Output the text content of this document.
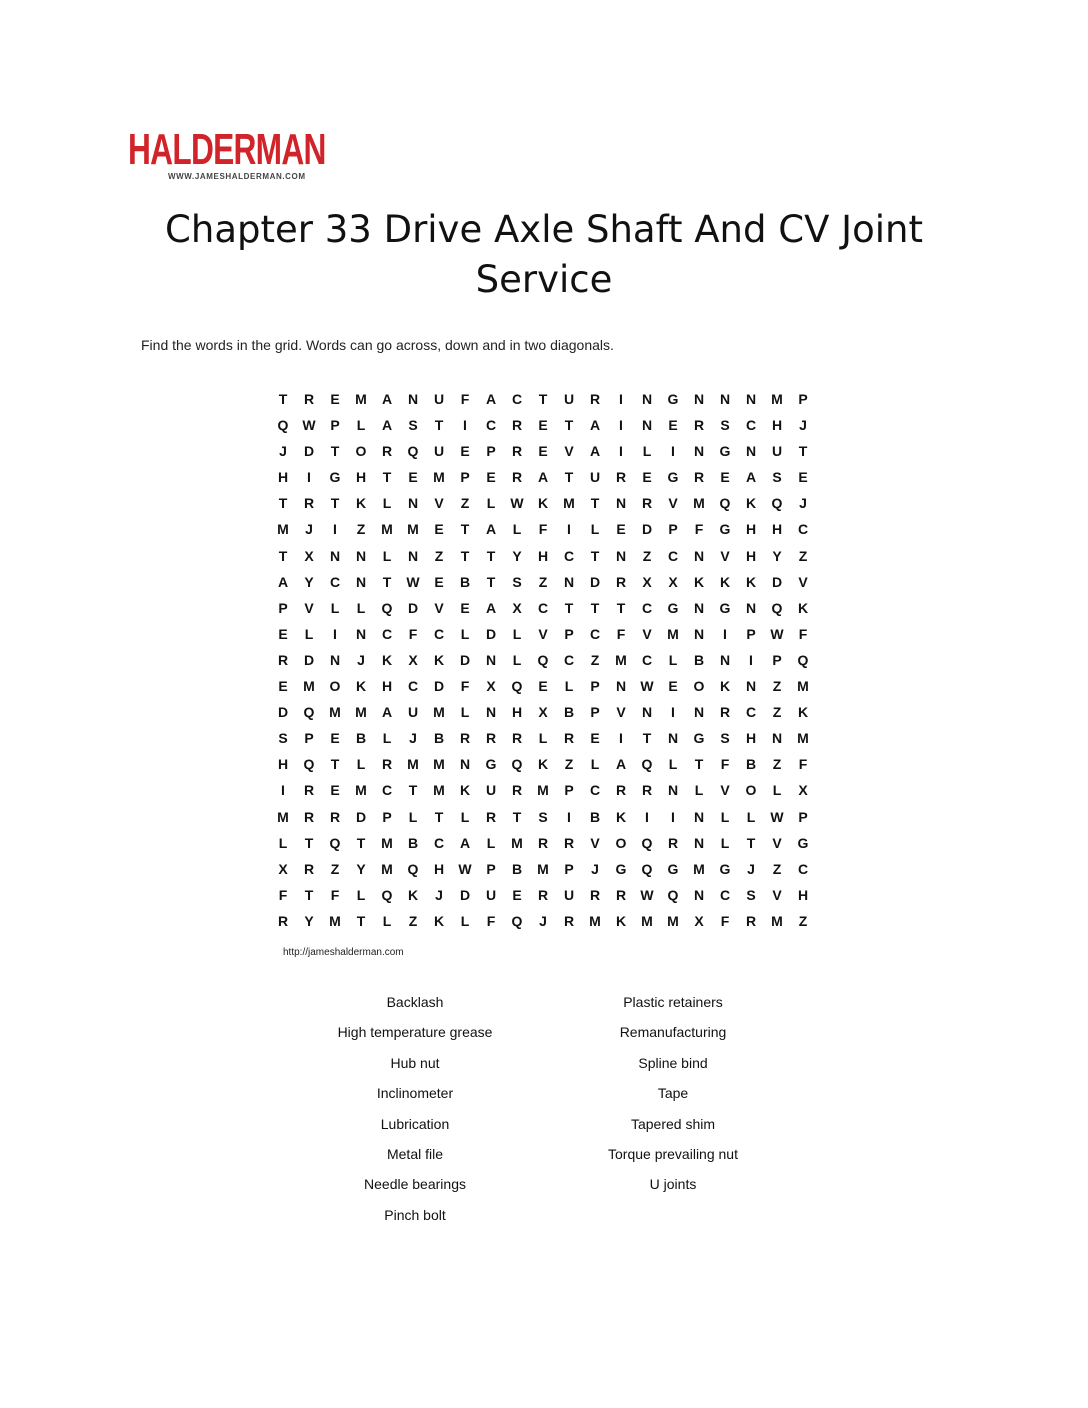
HALDERMAN
WWW.JAMESHALDERMAN.COM
Chapter 33 Drive Axle Shaft And CV Joint Service
Find the words in the grid. Words can go across, down and in two diagonals.
T	R	E	M	A	N	U	F	A	C	T	U	R	I	N	G	N	N	N	M	P
Q W	P	L	A	S	T	I	C	R	E	T	A	I	N	E	R	S	C	H	J
J	D	T	O	R	Q	U	E	P	R	E	V	A	I	L	I	N	G	N	U	T
H	I	G	H	T	E	M	P	E	R	A	T	U	R	E	G	R	E	A	S	E
T	R	T	K	L	N	V	Z	L	W	K	M	T	N	R	V	M	Q	K	Q	J
M	J	I	Z	M	M	E	T	A	L	F	I	L	E	D	P	F	G	H	H	C
T	X	N	N	L	N	Z	T	T	Y	H	C	T	N	Z	C	N	V	H	Y	Z
A	Y	C	N	T	W	E	B	T	S	Z	N	D	R	X	X	K	K	K	D	V
P	V	L	L	Q	D	V	E	A	X	C	T	T	T	C	G	N	G	N	Q	K
E	L	I	N	C	F	C	L	D	L	V	P	C	F	V	M	N	I	P	W	F
R	D	N	J	K	X	K	D	N	L	Q	C	Z	M	C	L	B	N	I	P	Q
E	M	O	K	H	C	D	F	X	Q	E	L	P	N	W	E	O	K	N	Z	M
D	Q	M	M	A	U	M	L	N	H	X	B	P	V	N	I	N	R	C	Z	K
S	P	E	B	L	J	B	R	R	R	L	R	E	I	T	N	G	S	H	N	M
H	Q	T	L	R	M	M	N	G	Q	K	Z	L	A	Q	L	T	F	B	Z	F
I	R	E	M	C	T	M	K	U	R	M	P	C	R	R	N	L	V	O	L	X
M	R	R	D	P	L	T	L	R	T	S	I	B	K	I	I	N	L	L	W	P
L	T	Q	T	M	B	C	A	L	M	R	R	V	O	Q	R	N	L	T	V	G
X	R	Z	Y	M	Q	H	W	P	B	M	P	J	G	Q	G	M	G	J	Z	C
F	T	F	L	Q	K	J	D	U	E	R	U	R	R	W Q	N	C	S	V	H
R	Y	M	T	L	Z	K	L	F	Q	J	R	M	K	M	M	X	F	R	M	Z
http://jameshalderman.com
Backlash
High temperature grease
Hub nut
Inclinometer
Lubrication
Metal file
Needle bearings
Pinch bolt
Plastic retainers
Remanufacturing
Spline bind
Tape
Tapered shim
Torque prevailing nut
U joints
